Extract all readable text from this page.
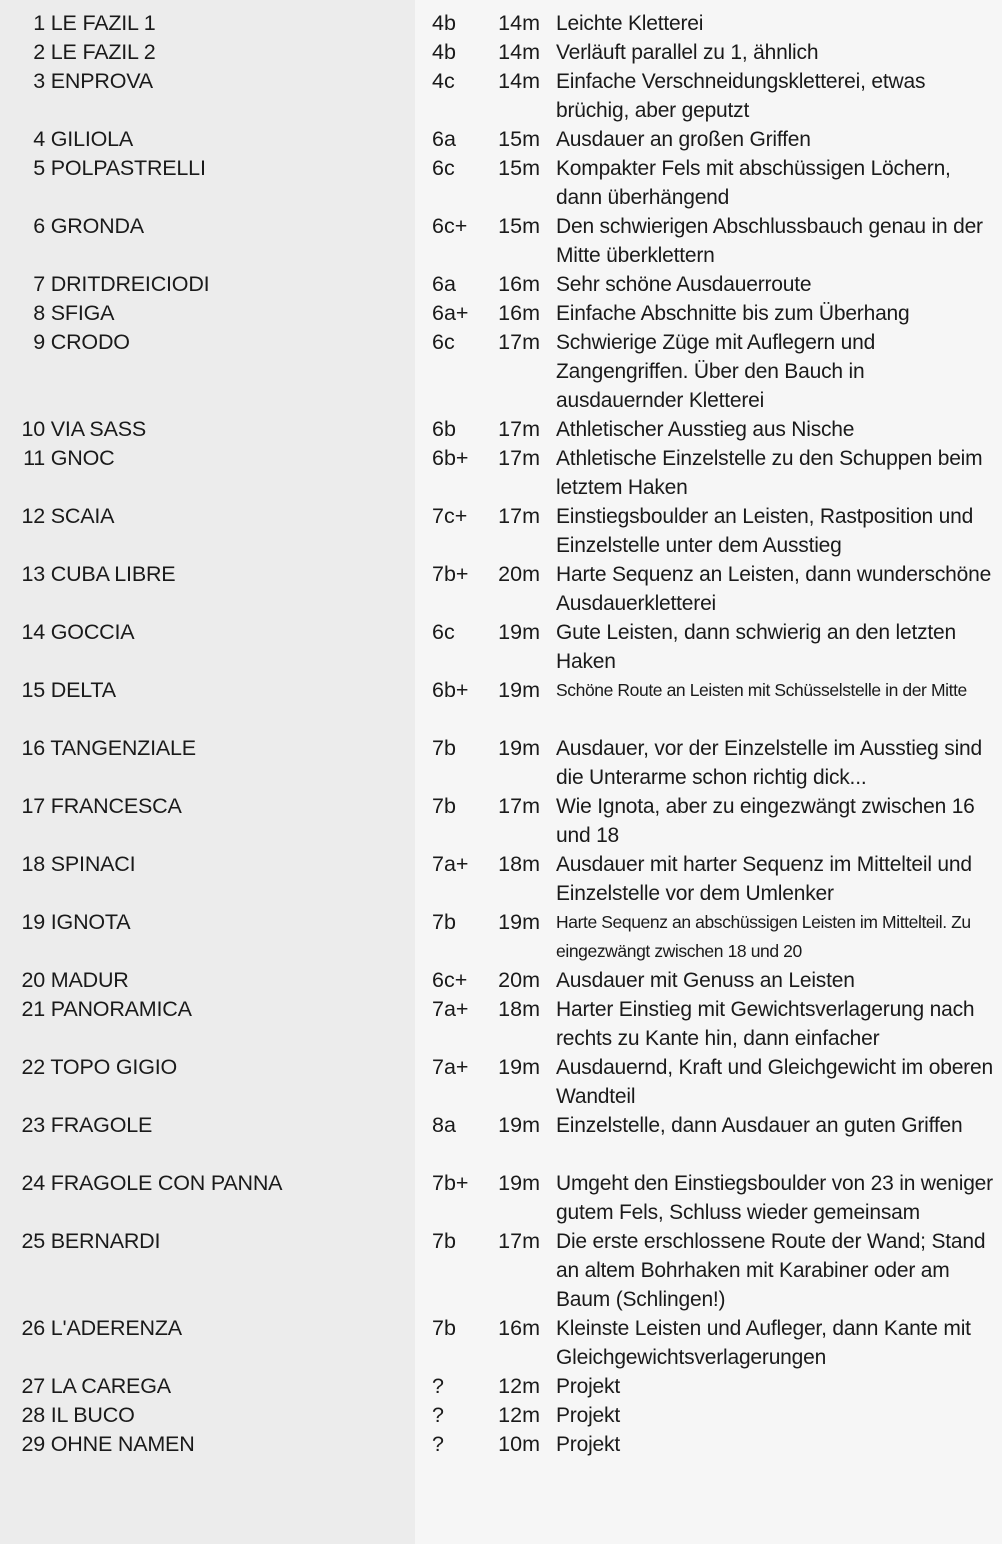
1 LE FAZIL 1	4b	14m Leichte Kletterei
2 LE FAZIL 2	4b	14m Verläuft parallel zu 1, ähnlich
3 ENPROVA	4c	14m Einfache Verschneidungskletterei, etwas brüchig, aber geputzt
4 GILIOLA	6a	15m Ausdauer an großen Griffen
5 POLPASTRELLI	6c	15m Kompakter Fels mit abschüssigen Löchern, dann überhängend
6 GRONDA	6c+	15m Den schwierigen Abschlussbauch genau in der Mitte überklettern
7 DRITDREICIODI	6a	16m Sehr schöne Ausdauerroute
8 SFIGA	6a+	16m Einfache Abschnitte bis zum Überhang
9 CRODO	6c	17m Schwierige Züge mit Auflegern und Zangengriffen. Über den Bauch in ausdauernder Kletterei
10 VIA SASS	6b	17m Athletischer Ausstieg aus Nische
11 GNOC	6b+	17m Athletische Einzelstelle zu den Schuppen beim letztem Haken
12 SCAIA	7c+	17m Einstiegsboulder an Leisten, Rastposition und Einzelstelle unter dem Ausstieg
13 CUBA LIBRE	7b+	20m Harte Sequenz an Leisten, dann wunderschöne Ausdauerkletterei
14 GOCCIA	6c	19m Gute Leisten, dann schwierig an den letzten Haken
15 DELTA	6b+	19m Schöne Route an Leisten mit Schüsselstelle in der Mitte
16 TANGENZIALE	7b	19m Ausdauer, vor der Einzelstelle im Ausstieg sind die Unterarme schon richtig dick...
17 FRANCESCA	7b	17m Wie Ignota, aber zu eingezwängt zwischen 16 und 18
18 SPINACI	7a+	18m Ausdauer mit harter Sequenz im Mittelteil und Einzelstelle vor dem Umlenker
19 IGNOTA	7b	19m Harte Sequenz an abschüssigen Leisten im Mittelteil. Zu eingezwängt zwischen 18 und 20
20 MADUR	6c+	20m Ausdauer mit Genuss an Leisten
21 PANORAMICA	7a+	18m Harter Einstieg mit Gewichtsverlagerung nach rechts zu Kante hin, dann einfacher
22 TOPO GIGIO	7a+	19m Ausdauernd, Kraft und Gleichgewicht im oberen Wandteil
23 FRAGOLE	8a	19m Einzelstelle, dann Ausdauer an guten Griffen
24 FRAGOLE CON PANNA	7b+	19m Umgeht den Einstiegsboulder von 23 in weniger gutem Fels, Schluss wieder gemeinsam
25 BERNARDI	7b	17m Die erste erschlossene Route der Wand; Stand an altem Bohrhaken mit Karabiner oder am Baum (Schlingen!)
26 L'ADERENZA	7b	16m Kleinste Leisten und Aufleger, dann Kante mit Gleichgewichtsverlagerungen
27 LA CAREGA	?	12m Projekt
28 IL BUCO	?	12m Projekt
29 OHNE NAMEN	?	10m Projekt
